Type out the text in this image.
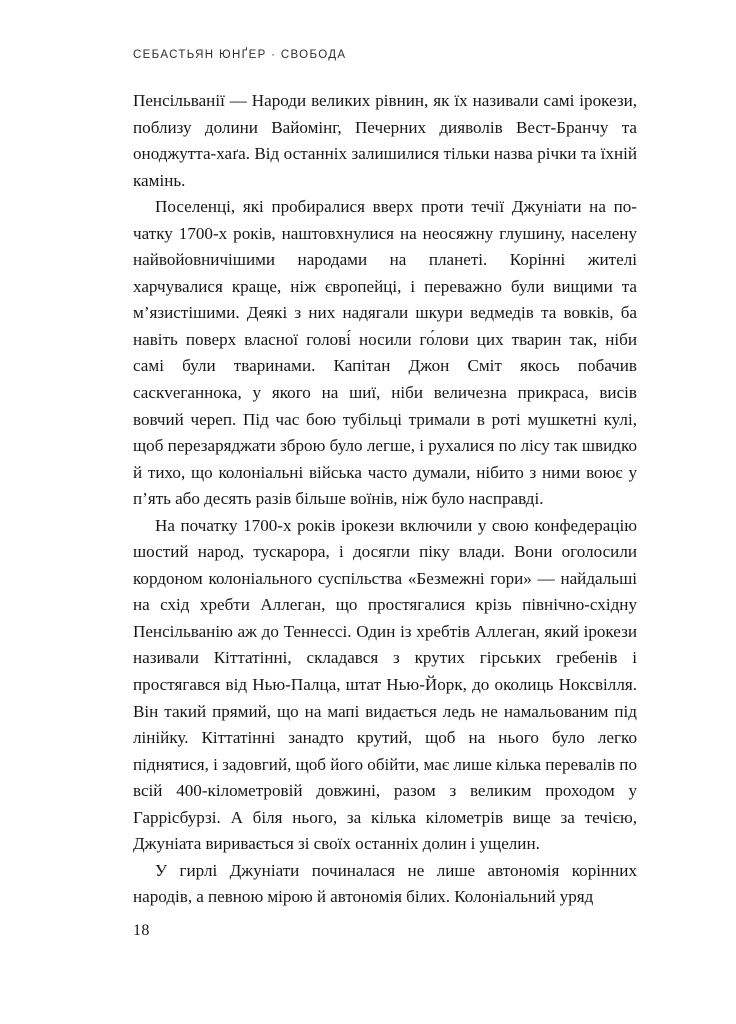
СЕБАСТЬЯН ЮНҐЕР · СВОБОДА

Пенсільванії — Народи великих рівнин, як їх називали самі ірокези, поблизу долини Вайомінг, Печерних дияволів Вест-Бранчу та оноджутта-хаґа. Від останніх залишилися тільки назва річки та їхній камінь.

Поселенці, які пробиралися вверх проти течії Джуніати на початку 1700-х років, наштовхнулися на неосяжну глушину, населену найвойовничішими народами на планеті. Корінні жителі харчувалися краще, ніж європейці, і переважно були вищими та м’язистішими. Деякі з них надягали шкури ведмедів та вовків, ба навіть поверх власної голові́ носили го́лови цих тварин так, ніби самі були тваринами. Капітан Джон Сміт якось побачив саскveганнока, у якого на шиї, ніби величезна прикраса, висів вовчий череп. Під час бою тубільці тримали в роті мушкетні кулі, щоб перезаряджати зброю було легше, і рухалися по лісу так швидко й тихо, що колоніальні війська часто думали, нібито з ними воює у п’ять або десять разів більше воїнів, ніж було насправді.

На початку 1700-х років ірокези включили у свою конфедерацію шостий народ, тускарора, і досягли піку влади. Вони оголосили кордоном колоніального суспільства «Безмежні гори» — найдальші на схід хребти Аллеган, що простягалися крізь північно-східну Пенсільванію аж до Теннессі. Один із хребтів Аллеган, який ірокези називали Кіттатінні, складався з крутих гірських гребенів і простягався від Нью-Палца, штат Нью-Йорк, до околиць Ноксвілля. Він такий прямий, що на мапі видається ледь не намальованим під лінійку. Кіттатінні занадто крутий, щоб на нього було легко піднятися, і задовгий, щоб його обійти, має лише кілька перевалів по всій 400-кілометровій довжині, разом з великим проходом у Гаррісбурзі. А біля нього, за кілька кілометрів вище за течією, Джуніата виривається зі своїх останніх долин і ущелин.

У гирлі Джуніати починалася не лише автономія корінних народів, а певною мірою й автономія білих. Колоніальний уряд

18
